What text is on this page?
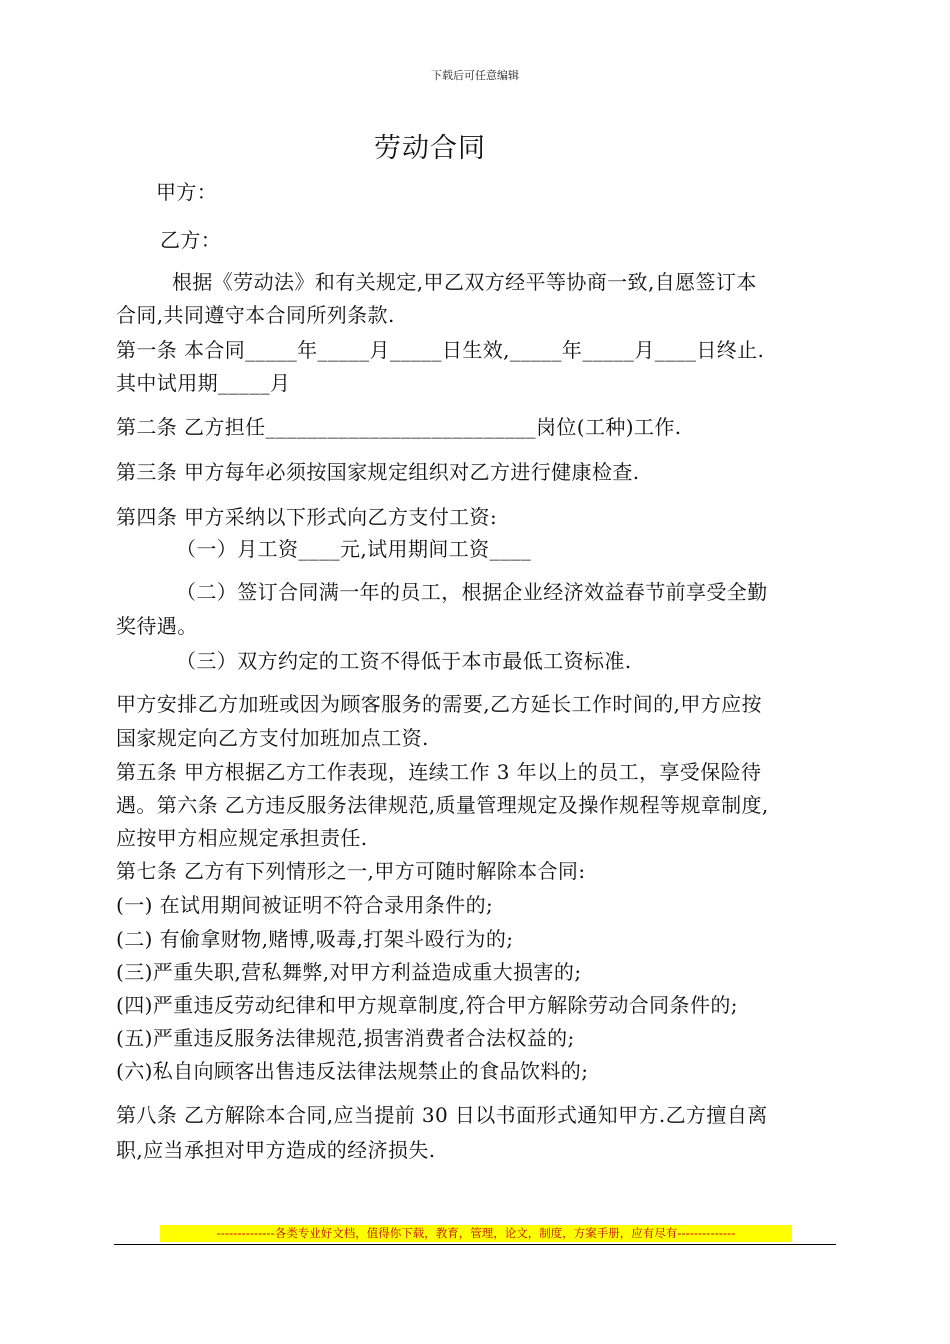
下载后可任意编辑
劳动合同
甲方：
乙方：
根据《劳动法》和有关规定,甲乙双方经平等协商一致,自愿签订本
合同,共同遵守本合同所列条款.
第一条 本合同_____年_____月_____日生效,_____年_____月____日终止.
其中试用期_____月
第二条 乙方担任__________________________岗位(工种)工作.
第三条 甲方每年必须按国家规定组织对乙方进行健康检查.
第四条 甲方采纳以下形式向乙方支付工资:
（一）月工资____元,试用期间工资____
（二）签订合同满一年的员工，根据企业经济效益春节前享受全勤
奖待遇。
（三）双方约定的工资不得低于本市最低工资标准.
甲方安排乙方加班或因为顾客服务的需要,乙方延长工作时间的,甲方应按
国家规定向乙方支付加班加点工资.
第五条 甲方根据乙方工作表现，连续工作 3 年以上的员工，享受保险待
遇。第六条 乙方违反服务法律规范,质量管理规定及操作规程等规章制度,
应按甲方相应规定承担责任.
第七条 乙方有下列情形之一,甲方可随时解除本合同:
(一) 在试用期间被证明不符合录用条件的;
(二) 有偷拿财物,赌博,吸毒,打架斗殴行为的;
(三)严重失职,营私舞弊,对甲方利益造成重大损害的;
(四)严重违反劳动纪律和甲方规章制度,符合甲方解除劳动合同条件的;
(五)严重违反服务法律规范,损害消费者合法权益的;
(六)私自向顾客出售违反法律法规禁止的食品饮料的;
第八条 乙方解除本合同,应当提前 30 日以书面形式通知甲方.乙方擅自离
职,应当承担对甲方造成的经济损失.
--------------各类专业好文档，值得你下载，教育，管理，论文，制度，方案手册，应有尽有--------------
